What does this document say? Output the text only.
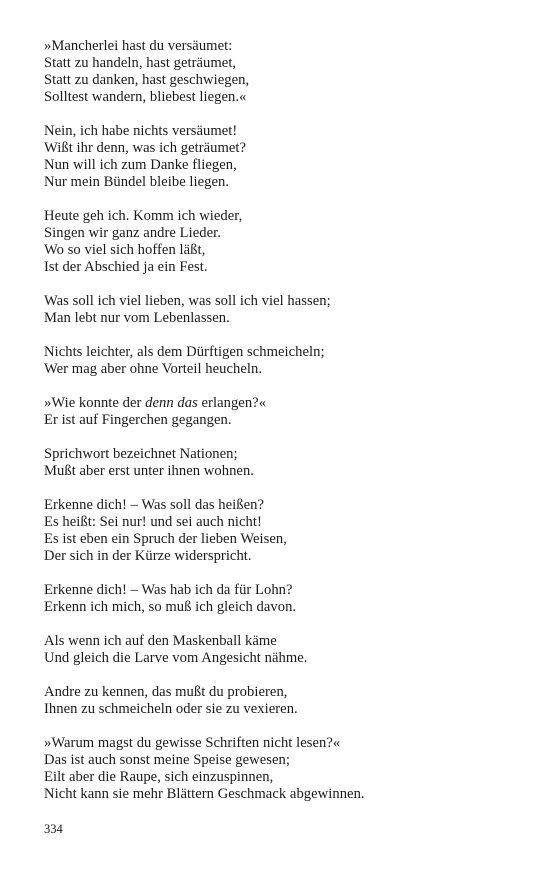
»Mancherlei hast du versäumet:
Statt zu handeln, hast geträumet,
Statt zu danken, hast geschwiegen,
Solltest wandern, bliebest liegen.«
Nein, ich habe nichts versäumet!
Wißt ihr denn, was ich geträumet?
Nun will ich zum Danke fliegen,
Nur mein Bündel bleibe liegen.
Heute geh ich. Komm ich wieder,
Singen wir ganz andre Lieder.
Wo so viel sich hoffen läßt,
Ist der Abschied ja ein Fest.
Was soll ich viel lieben, was soll ich viel hassen;
Man lebt nur vom Lebenlassen.
Nichts leichter, als dem Dürftigen schmeicheln;
Wer mag aber ohne Vorteil heucheln.
»Wie konnte der denn das erlangen?«
Er ist auf Fingerchen gegangen.
Sprichwort bezeichnet Nationen;
Mußt aber erst unter ihnen wohnen.
Erkenne dich! – Was soll das heißen?
Es heißt: Sei nur! und sei auch nicht!
Es ist eben ein Spruch der lieben Weisen,
Der sich in der Kürze widerspricht.
Erkenne dich! – Was hab ich da für Lohn?
Erkenn ich mich, so muß ich gleich davon.
Als wenn ich auf den Maskenball käme
Und gleich die Larve vom Angesicht nähme.
Andre zu kennen, das mußt du probieren,
Ihnen zu schmeicheln oder sie zu vexieren.
»Warum magst du gewisse Schriften nicht lesen?«
Das ist auch sonst meine Speise gewesen;
Eilt aber die Raupe, sich einzuspinnen,
Nicht kann sie mehr Blättern Geschmack abgewinnen.
334
